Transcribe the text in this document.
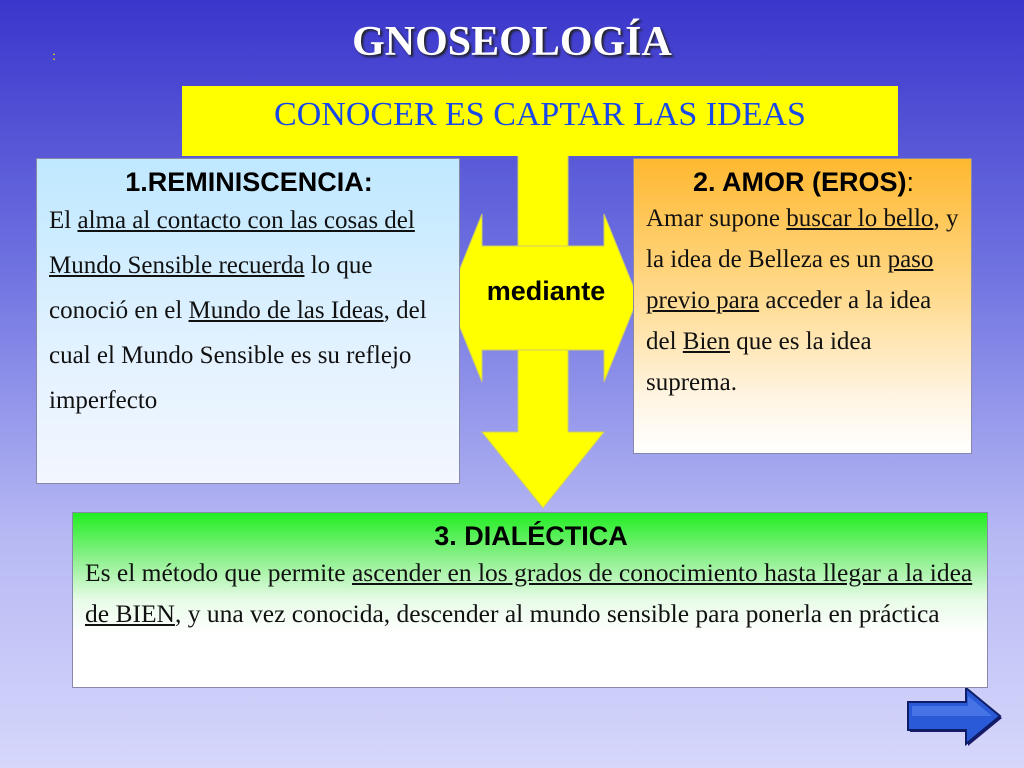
GNOSEOLOGÍA
:
CONOCER ES CAPTAR LAS IDEAS
mediante
1.REMINISCENCIA:

El alma al contacto con las cosas del Mundo Sensible recuerda lo que conoció en el Mundo de las Ideas, del cual el Mundo Sensible es su reflejo imperfecto

2. AMOR (EROS):

Amar supone buscar lo bello, y la idea de Belleza es un paso previo para acceder a la idea del Bien que es la idea suprema.

3. DIALÉCTICA

Es el método que permite ascender en los grados de conocimiento hasta llegar a la idea de BIEN, y una vez conocida, descender al mundo sensible para ponerla en práctica
